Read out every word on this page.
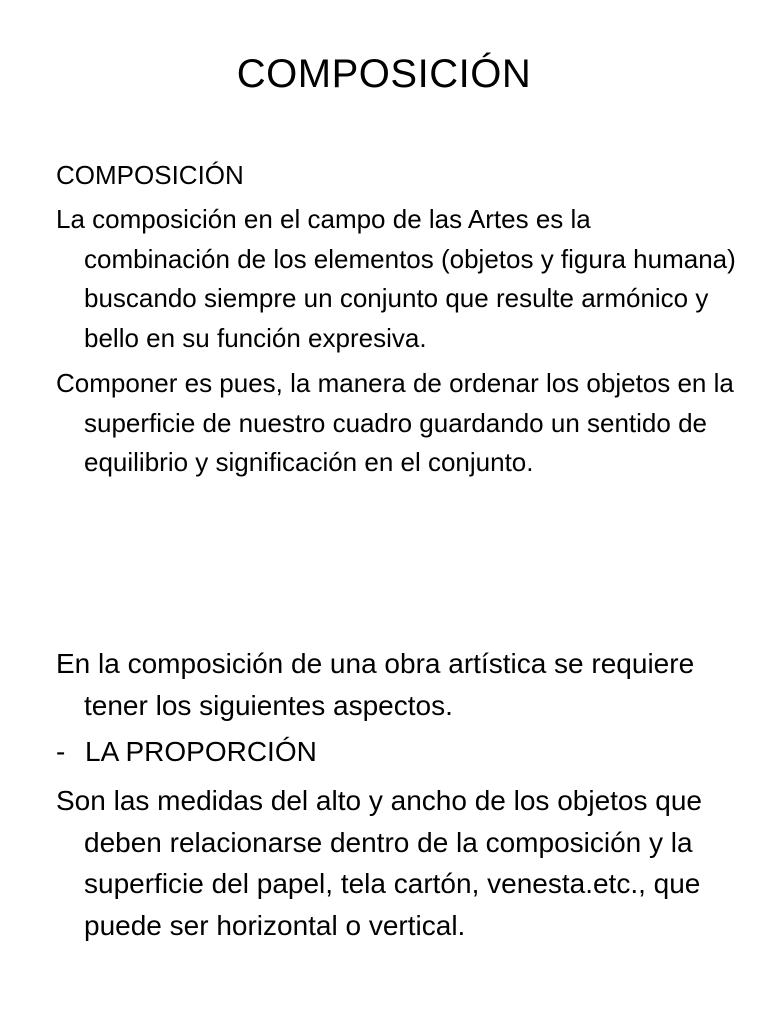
COMPOSICIÓN
COMPOSICIÓN
La composición en el campo de las Artes es la combinación de los elementos (objetos y figura humana) buscando siempre un conjunto que resulte armónico y bello en su función expresiva.
Componer es pues, la manera de ordenar los objetos en la superficie de nuestro cuadro guardando un sentido de equilibrio y significación en el conjunto.
En la composición de una obra artística se requiere tener los siguientes aspectos.
- LA PROPORCIÓN
Son las medidas del alto y ancho de los objetos que deben relacionarse dentro de la composición y la superficie del papel, tela cartón, venesta.etc., que puede ser horizontal o vertical.
